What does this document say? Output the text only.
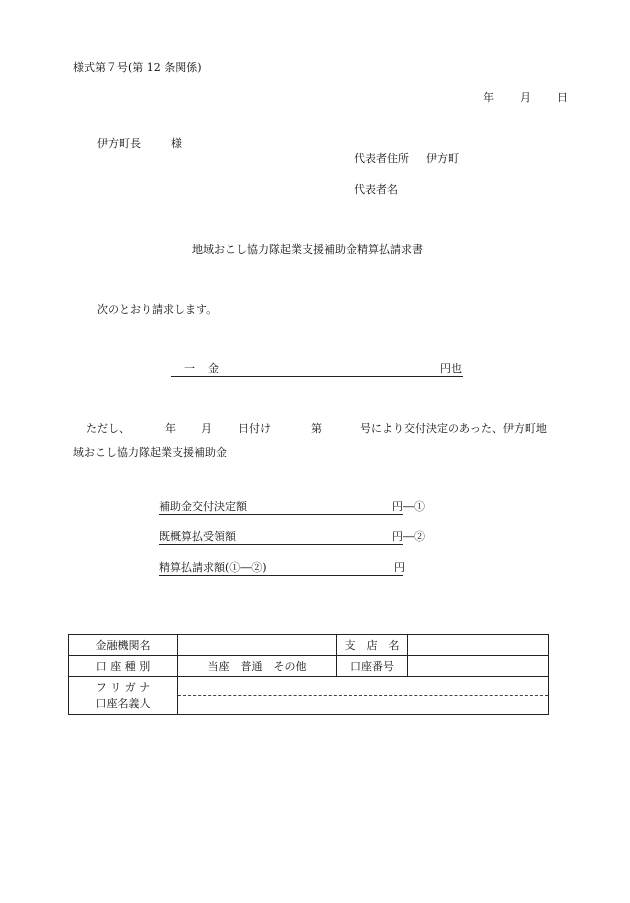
様式第７号(第 12 条関係)
年 月 日
伊方町長	様
代表者住所 伊方町
代表者名
地域おこし協力隊起業支援補助金精算払請求書
次のとおり請求します。
一 金	円也
ただし、	年 月 日付け	第	号により交付決定のあった、伊方町地
域おこし協力隊起業支援補助金
補助金交付決定額	円―①
既概算払受領額	円―②
精算払請求額(①―②)	円
金融機関名		支　店　名	
口 座 種 別	当座　普通　その他	口座番号	

フ リ ガ ナ
口座名義人			
